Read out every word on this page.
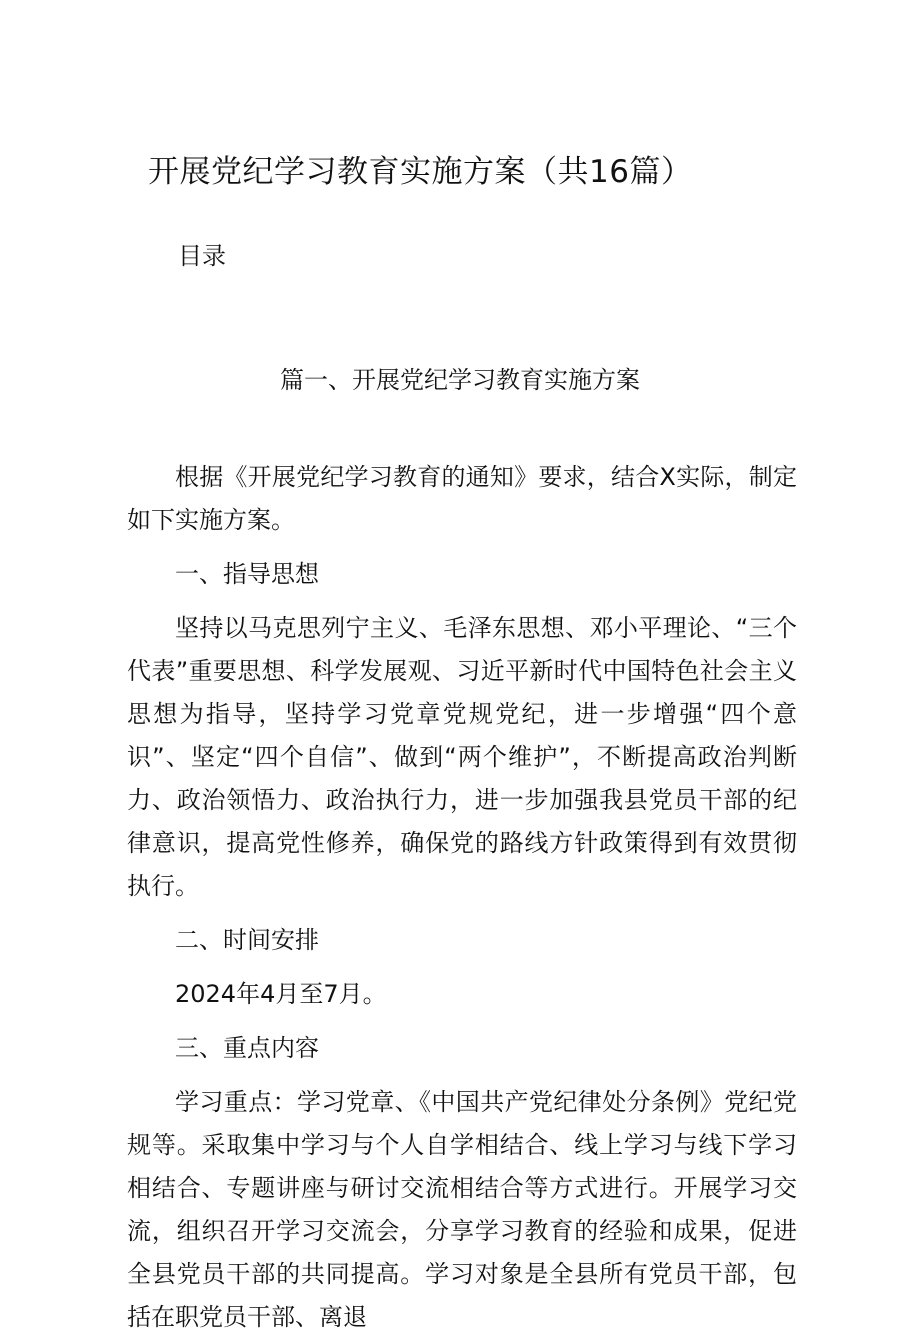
开展党纪学习教育实施方案（共16篇）
目录
篇一、开展党纪学习教育实施方案

根据《开展党纪学习教育的通知》要求，结合X实际，制定如下实施方案。

一、指导思想

坚持以马克思列宁主义、毛泽东思想、邓小平理论、“三个代表”重要思想、科学发展观、习近平新时代中国特色社会主义思想为指导，坚持学习党章党规党纪，进一步增强“四个意识”、坚定“四个自信”、做到“两个维护”，不断提高政治判断力、政治领悟力、政治执行力，进一步加强我县党员干部的纪律意识，提高党性修养，确保党的路线方针政策得到有效贯彻执行。

二、时间安排

2024年4月至7月。

三、重点内容

学习重点：学习党章、《中国共产党纪律处分条例》党纪党规等。采取集中学习与个人自学相结合、线上学习与线下学习相结合、专题讲座与研讨交流相结合等方式进行。开展学习交流，组织召开学习交流会，分享学习教育的经验和成果，促进全县党员干部的共同提高。学习对象是全县所有党员干部，包括在职党员干部、离退
